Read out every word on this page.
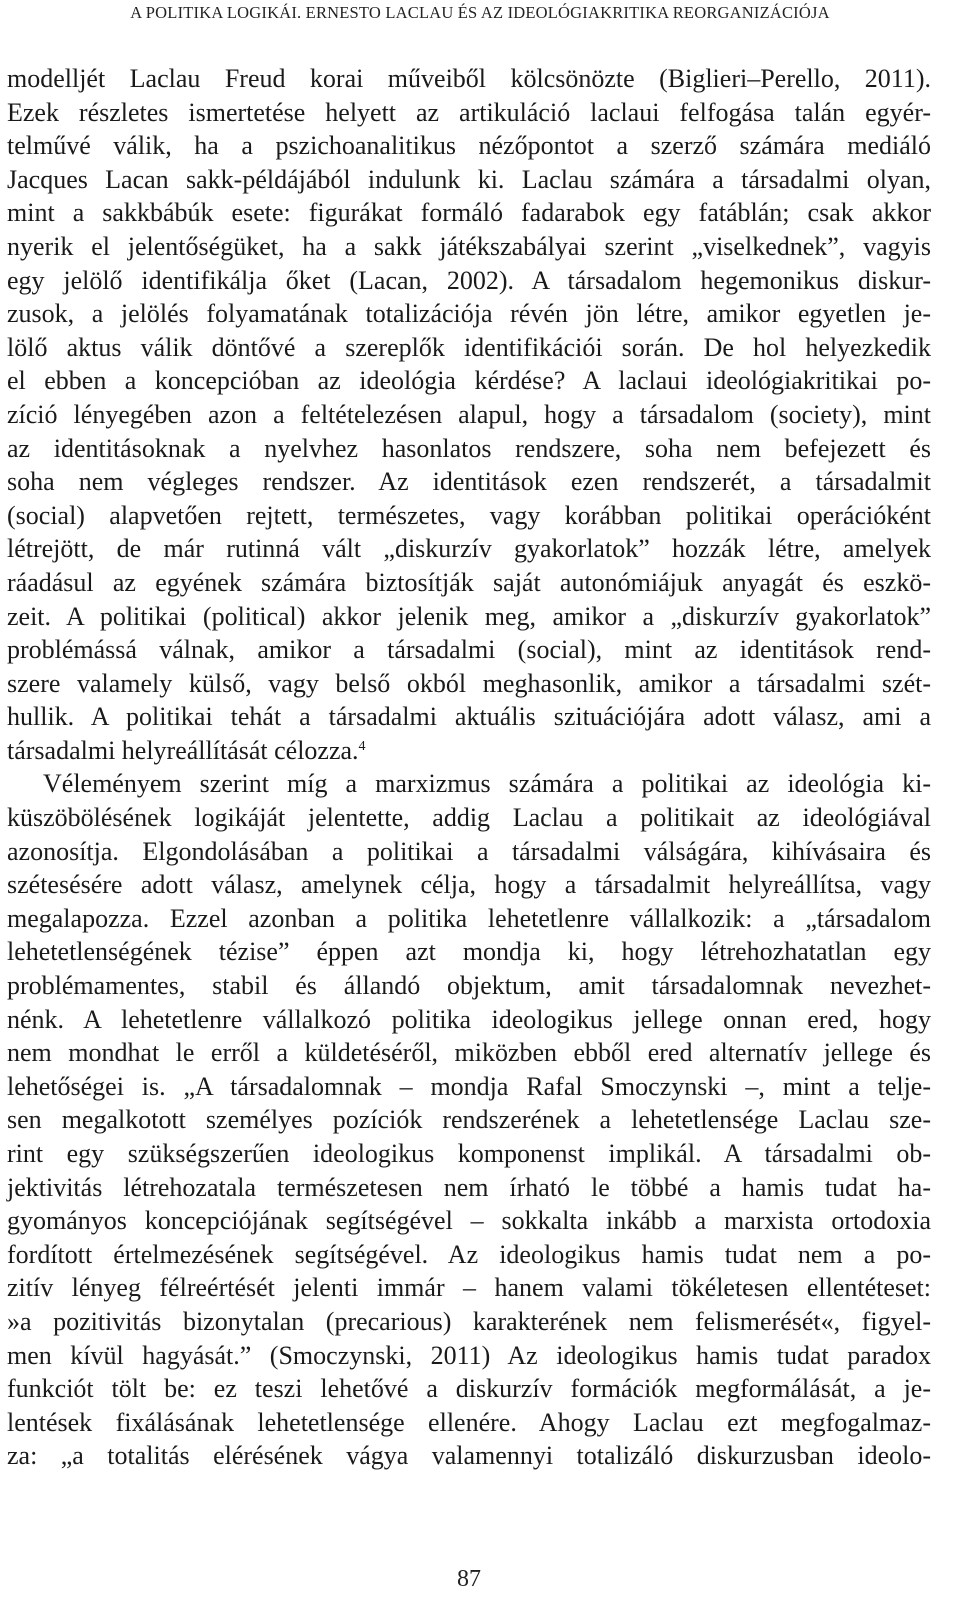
A POLITIKA LOGIKÁI. ERNESTO LACLAU ÉS AZ IDEOLÓGIAKRITIKA REORGANIZÁCIÓJA
modelljét Laclau Freud korai műveiből kölcsönözte (Biglieri–Perello, 2011).
Ezek részletes ismertetése helyett az artikuláció laclaui felfogása talán egyér-
telművé válik, ha a pszichoanalitikus nézőpontot a szerző számára mediáló
Jacques Lacan sakk-példájából indulunk ki. Laclau számára a társadalmi olyan,
mint a sakkbábúk esete: figurákat formáló fadarabok egy fatáblán; csak akkor
nyerik el jelentőségüket, ha a sakk játékszabályai szerint „viselkednek”, vagyis
egy jelölő identifikálja őket (Lacan, 2002). A társadalom hegemonikus diskur-
zusok, a jelölés folyamatának totalizációja révén jön létre, amikor egyetlen je-
lölő aktus válik döntővé a szereplők identifikációi során. De hol helyezkedik
el ebben a koncepcióban az ideológia kérdése? A laclaui ideológiakritikai po-
zíció lényegében azon a feltételezésen alapul, hogy a társadalom (society), mint
az identitásoknak a nyelvhez hasonlatos rendszere, soha nem befejezett és
soha nem végleges rendszer. Az identitások ezen rendszerét, a társadalmit
(social) alapvetően rejtett, természetes, vagy korábban politikai operációként
létrejött, de már rutinná vált „diskurzív gyakorlatok” hozzák létre, amelyek
ráadásul az egyének számára biztosítják saját autonómiájuk anyagát és eszkö-
zeit. A politikai (political) akkor jelenik meg, amikor a „diskurzív gyakorlatok”
problémássá válnak, amikor a társadalmi (social), mint az identitások rend-
szere valamely külső, vagy belső okból meghasonlik, amikor a társadalmi szét-
hullik. A politikai tehát a társadalmi aktuális szituációjára adott válasz, ami a
társadalmi helyreállítását célozza.$^4$
Véleményem szerint míg a marxizmus számára a politikai az ideológia ki-
küszöbölésének logikáját jelentette, addig Laclau a politikait az ideológiával
azonosítja. Elgondolásában a politikai a társadalmi válságára, kihívásaira és
szétesésére adott válasz, amelynek célja, hogy a társadalmit helyreállítsa, vagy
megalapozza. Ezzel azonban a politika lehetetlenre vállalkozik: a „társadalom
lehetetlenségének tézise” éppen azt mondja ki, hogy létrehozhatatlan egy
problémamentes, stabil és állandó objektum, amit társadalomnak nevezhet-
nénk. A lehetetlenre vállalkozó politika ideologikus jellege onnan ered, hogy
nem mondhat le erről a küldetéséről, miközben ebből ered alternatív jellege és
lehetőségei is. „A társadalomnak – mondja Rafal Smoczynski –, mint a telje-
sen megalkotott személyes pozíciók rendszerének a lehetetlensége Laclau sze-
rint egy szükségszerűen ideologikus komponenst implikál. A társadalmi ob-
jektivitás létrehozatala természetesen nem írható le többé a hamis tudat ha-
gyományos koncepciójának segítségével – sokkalta inkább a marxista ortodoxia
fordított értelmezésének segítségével. Az ideologikus hamis tudat nem a po-
zitív lényeg félreértését jelenti immár – hanem valami tökéletesen ellentéteset:
»a pozitivitás bizonytalan (precarious) karakterének nem felismerését«, figyel-
men kívül hagyását.” (Smoczynski, 2011) Az ideologikus hamis tudat paradox
funkciót tölt be: ez teszi lehetővé a diskurzív formációk megformálását, a je-
lentések fixálásának lehetetlensége ellenére. Ahogy Laclau ezt megfogalmaz-
za: „a totalitás elérésének vágya valamennyi totalizáló diskurzusban ideolo-
87
